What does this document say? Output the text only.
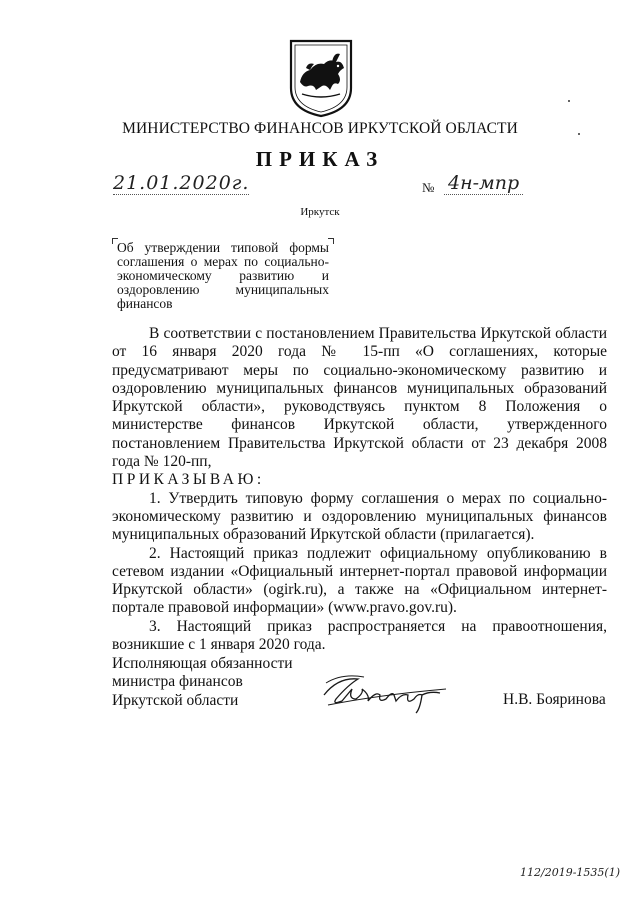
МИНИСТЕРСТВО ФИНАНСОВ ИРКУТСКОЙ ОБЛАСТИ
ПРИКАЗ
21.01.2020г.	№ 4н-мпр
Иркутск
Об утверждении типовой формы соглашения о мерах по социально-экономическому развитию и оздоровлению муниципальных финансов

В соответствии с постановлением Правительства Иркутской области от 16 января 2020 года № 15-пп «О соглашениях, которые предусматривают меры по социально-экономическому развитию и оздоровлению муниципальных финансов муниципальных образований Иркутской области», руководствуясь пунктом 8 Положения о министерстве финансов Иркутской области, утвержденного постановлением Правительства Иркутской области от 23 декабря 2008 года № 120-пп,

ПРИКАЗЫВАЮ:

1. Утвердить типовую форму соглашения о мерах по социально-экономическому развитию и оздоровлению муниципальных финансов муниципальных образований Иркутской области (прилагается).

2. Настоящий приказ подлежит официальному опубликованию в сетевом издании «Официальный интернет-портал правовой информации Иркутской области» (ogirk.ru), а также на «Официальном интернет-портале правовой информации» (www.pravo.gov.ru).

3. Настоящий приказ распространяется на правоотношения, возникшие с 1 января 2020 года.

Исполняющая обязанности
министра финансов
Иркутской области	Н.В. Бояринова
112/2019-1535(1)
